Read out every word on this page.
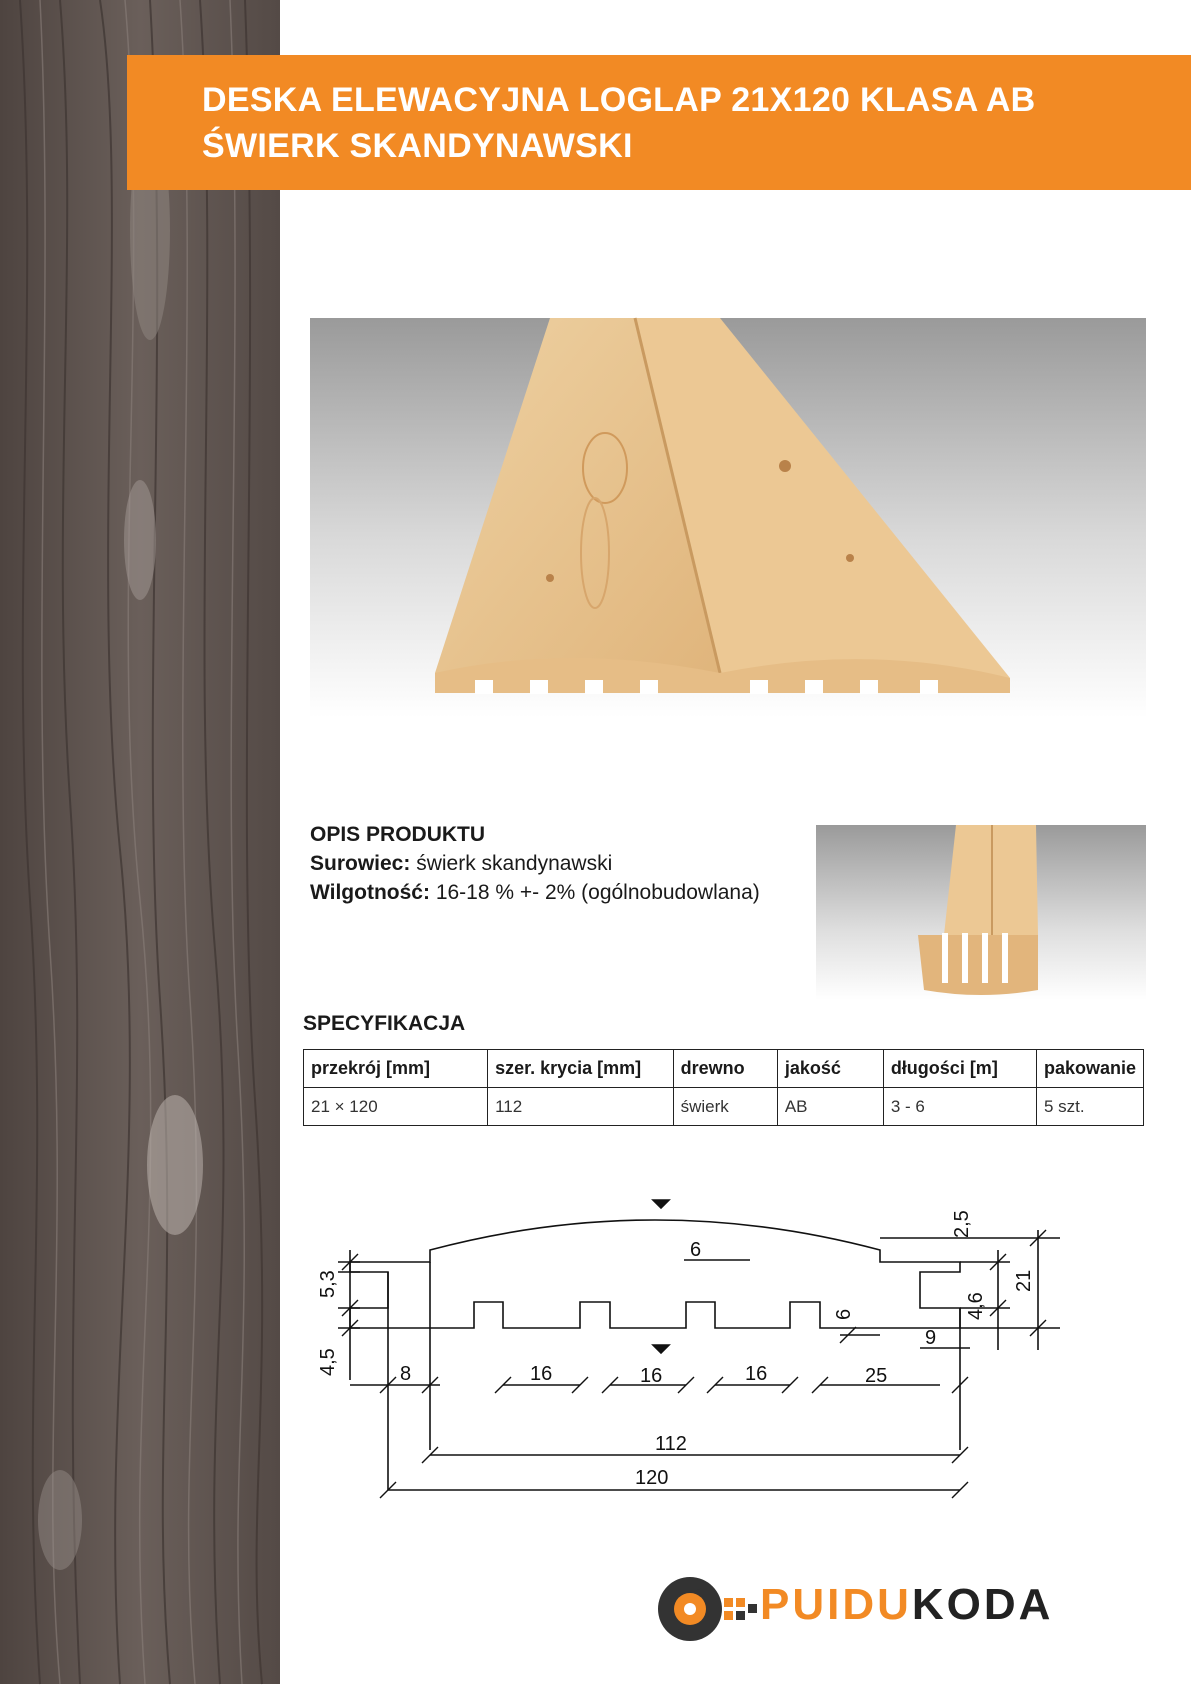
DESKA ELEWACYJNA LOGLAP 21X120 KLASA AB
ŚWIERK SKANDYNAWSKI
OPIS PRODUKTU
Surowiec: świerk skandynawski
Wilgotność: 16-18 % +- 2% (ogólnobudowlana)
SPECYFIKACJA
przekrój [mm]	szer. krycia [mm]	drewno	jakość	długości [m]	pakowanie
21 × 120	112	świerk	AB	3 - 6	5 szt.
2,5
21
5,3
6
6	4,6
4,5	8	16	16	16
9
25
112
120
PUIDUKODA
